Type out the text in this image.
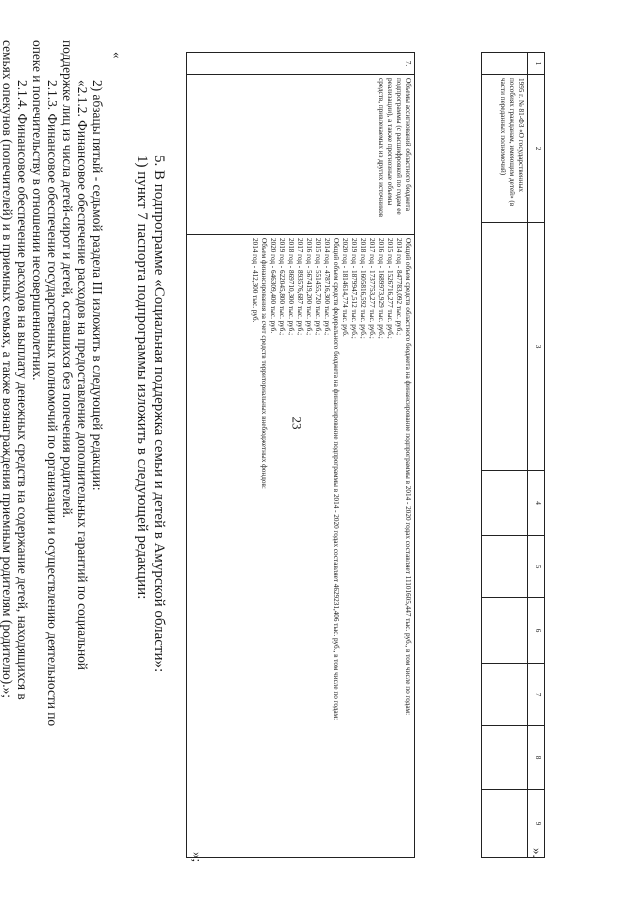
23
1	2	3	4	5	6	7	8	9
	1995 г. № 81-ФЗ «О государственных пособиях гражданам, имеющим детей» (в части переданных полномочий)							
».
5. В подпрограмме «Социальная поддержка семьи и детей в Амурской области»:
1) пункт 7 паспорта подпрограммы изложить в следующей редакции:
«
7.	Объемы ассигнований областного бюджета подпрограммы (с расшифровкой по годам ее реализации), а также прогнозные объемы средств, привлекаемых из других источников	
Общий объем средств областного бюджета на финансирование подпрограммы в 2014 - 2020 годах составляет 11101605,447 тыс. руб., в том числе по годам:
2014 год - 847783,092 тыс. руб.;
2015 год - 1526716,277 тыс. руб.;
2016 год - 1689973,929 тыс. руб.;
2017 год - 1737753,277 тыс. руб.;
2018 год - 1605816,592 тыс. руб.;
2019 год - 1879947,512 тыс. руб.;
2020 год - 1814614,774 тыс. руб.
Общий объем средств федерального бюджета на финансирование подпрограммы в 2014 - 2020 годах составляет 4629231,406 тыс. руб., в том числе по годам:
2014 год - 478716,300 тыс. руб.;
2015 год - 551455,720 тыс. руб.;
2016 год - 567419,200 тыс. руб.;
2017 год - 893576,687 тыс. руб.;
2018 год - 869710,300 тыс. руб.;
2019 год - 622045,800 тыс. руб.;
2020 год - 646309,400 тыс. руб.
Объем финансирования за счет средств территориальных внебюджетных фондов:
2014 год - 412,300 тыс. руб.
»;
2) абзацы пятый - седьмой раздела III изложить в следующей редакции:
«2.1.2. Финансовое обеспечение расходов на предоставление дополнительных гарантий по социальной
поддержке лиц из числа детей-сирот и детей, оставшихся без попечения родителей.
2.1.3. Финансовое обеспечение государственных полномочий по организации и осуществлению деятельности по
опеке и попечительству в отношении несовершеннолетних.
2.1.4. Финансовое обеспечение расходов на выплату денежных средств на содержание детей, находящихся в
семьях опекунов (попечителей) и в приемных семьях, а также вознаграждения приемным родителям (родителю).»;
